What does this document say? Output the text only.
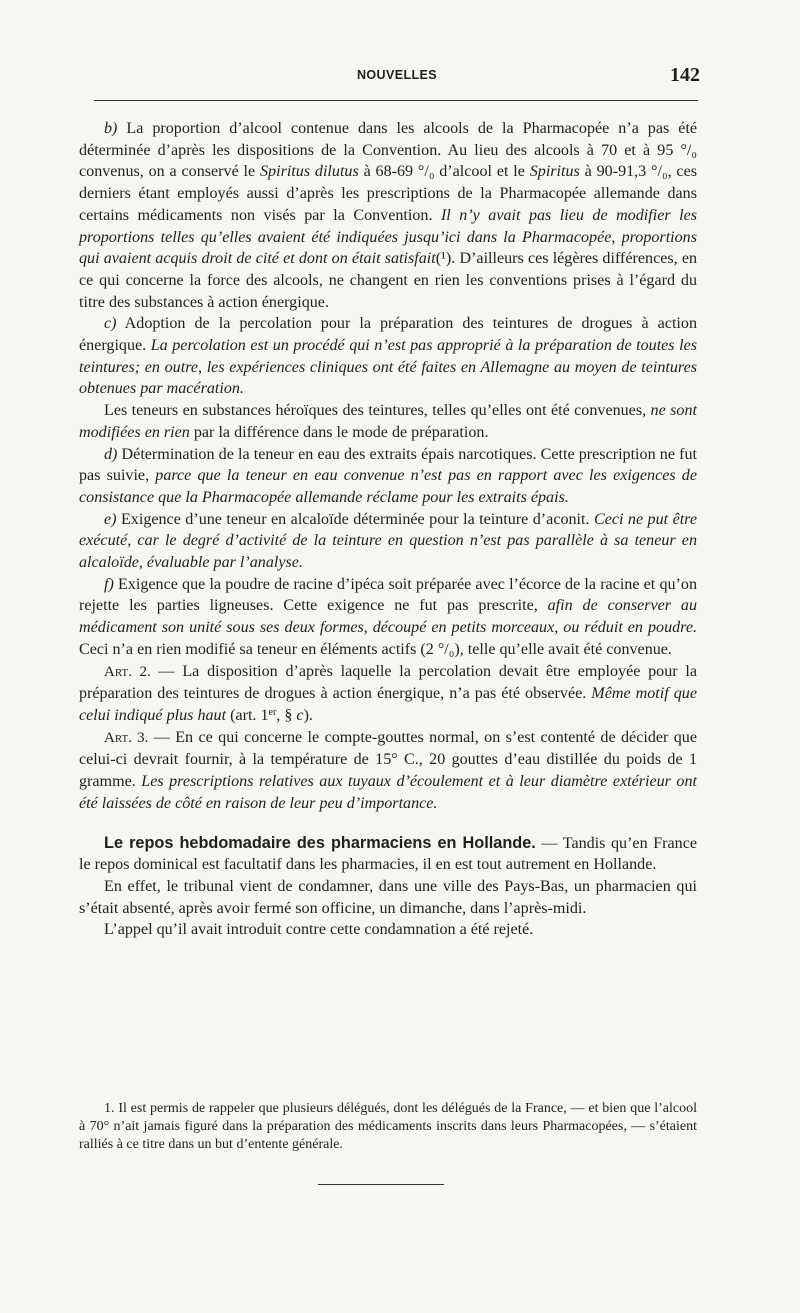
NOUVELLES	142

b) La proportion d’alcool contenue dans les alcools de la Pharmacopée n’a pas été déterminée d’après les dispositions de la Convention. Au lieu des alcools à 70 et à 95 °/₀ convenus, on a conservé le Spiritus dilutus à 68-69 °/₀ d’alcool et le Spiritus à 90-91,3 °/₀, ces derniers étant employés aussi d’après les prescriptions de la Pharmacopée allemande dans certains médicaments non visés par la Convention. Il n’y avait pas lieu de modifier les proportions telles qu’elles avaient été indiquées jusqu’ici dans la Pharmacopée, proportions qui avaient acquis droit de cité et dont on était satisfait(¹). D’ailleurs ces légères différences, en ce qui concerne la force des alcools, ne changent en rien les conventions prises à l’égard du titre des substances à action énergique.

c) Adoption de la percolation pour la préparation des teintures de drogues à action énergique. La percolation est un procédé qui n’est pas approprié à la préparation de toutes les teintures; en outre, les expériences cliniques ont été faites en Allemagne au moyen de teintures obtenues par macération.

Les teneurs en substances héroïques des teintures, telles qu’elles ont été convenues, ne sont modifiées en rien par la différence dans le mode de préparation.

d) Détermination de la teneur en eau des extraits épais narcotiques. Cette prescription ne fut pas suivie, parce que la teneur en eau convenue n’est pas en rapport avec les exigences de consistance que la Pharmacopée allemande réclame pour les extraits épais.

e) Exigence d’une teneur en alcaloïde déterminée pour la teinture d’aconit. Ceci ne put être exécuté, car le degré d’activité de la teinture en question n’est pas parallèle à sa teneur en alcaloïde, évaluable par l’analyse.

f) Exigence que la poudre de racine d’ipéca soit préparée avec l’écorce de la racine et qu’on rejette les parties ligneuses. Cette exigence ne fut pas prescrite, afin de conserver au médicament son unité sous ses deux formes, découpé en petits morceaux, ou réduit en poudre. Ceci n’a en rien modifié sa teneur en éléments actifs (2 °/₀), telle qu’elle avait été convenue.

Art. 2. — La disposition d’après laquelle la percolation devait être employée pour la préparation des teintures de drogues à action énergique, n’a pas été observée. Même motif que celui indiqué plus haut (art. 1er, § c).

Art. 3. — En ce qui concerne le compte-gouttes normal, on s’est contenté de décider que celui-ci devrait fournir, à la température de 15° C., 20 gouttes d’eau distillée du poids de 1 gramme. Les prescriptions relatives aux tuyaux d’écoulement et à leur diamètre extérieur ont été laissées de côté en raison de leur peu d’importance.

Le repos hebdomadaire des pharmaciens en Hollande. — Tandis qu’en France le repos dominical est facultatif dans les pharmacies, il en est tout autrement en Hollande.

En effet, le tribunal vient de condamner, dans une ville des Pays-Bas, un pharmacien qui s’était absenté, après avoir fermé son officine, un dimanche, dans l’après-midi.

L’appel qu’il avait introduit contre cette condamnation a été rejeté.

1. Il est permis de rappeler que plusieurs délégués, dont les délégués de la France, — et bien que l’alcool à 70° n’ait jamais figuré dans la préparation des médicaments inscrits dans leurs Pharmacopées, — s’étaient ralliés à ce titre dans un but d’entente générale.
